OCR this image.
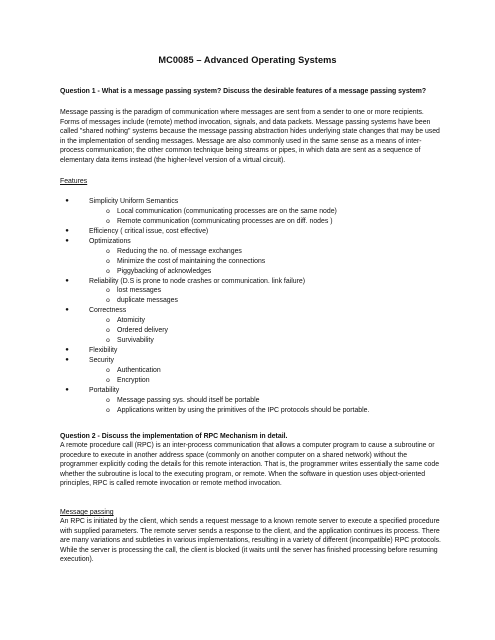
MC0085 – Advanced Operating Systems
Question 1 - What is a message passing system? Discuss the desirable features of a message passing system?

Message passing is the paradigm of communication where messages are sent from a sender to one or more recipients. Forms of messages include (remote) method invocation, signals, and data packets. Message passing systems have been called "shared nothing" systems because the message passing abstraction hides underlying state changes that may be used in the implementation of sending messages. Message are also commonly used in the same sense as a means of inter-process communication; the other common technique being streams or pipes, in which data are sent as a sequence of elementary data items instead (the higher-level version of a virtual circuit).

Features
●	Simplicity Uniform Semantics
o	Local communication (communicating processes are on the same node)
o	Remote communication (communicating processes are on diff. nodes )
●	Efficiency ( critical issue, cost effective)
●	Optimizations
o	Reducing the no. of message exchanges
o	Minimize the cost of maintaining the connections
o	Piggybacking of acknowledges
●	Reliability (D.S is prone to node crashes or communication. link failure)
o	lost messages
o	duplicate messages
●	Correctness
o	Atomicity
o	Ordered delivery
o	Survivability
●	Flexibility
●	Security
o	Authentication
o	Encryption
●	Portability
o	Message passing sys. should itself be portable
o	Applications written by using the primitives of the IPC protocols should be portable.
Question 2 - Discuss the implementation of RPC Mechanism in detail.

A remote procedure call (RPC) is an inter-process communication that allows a computer program to cause a subroutine or procedure to execute in another address space (commonly on another computer on a shared network) without the programmer explicitly coding the details for this remote interaction. That is, the programmer writes essentially the same code whether the subroutine is local to the executing program, or remote. When the software in question uses object-oriented principles, RPC is called remote invocation or remote method invocation.

Message passing

An RPC is initiated by the client, which sends a request message to a known remote server to execute a specified procedure with supplied parameters. The remote server sends a response to the client, and the application continues its process. There are many variations and subtleties in various implementations, resulting in a variety of different (incompatible) RPC protocols. While the server is processing the call, the client is blocked (it waits until the server has finished processing before resuming execution).
